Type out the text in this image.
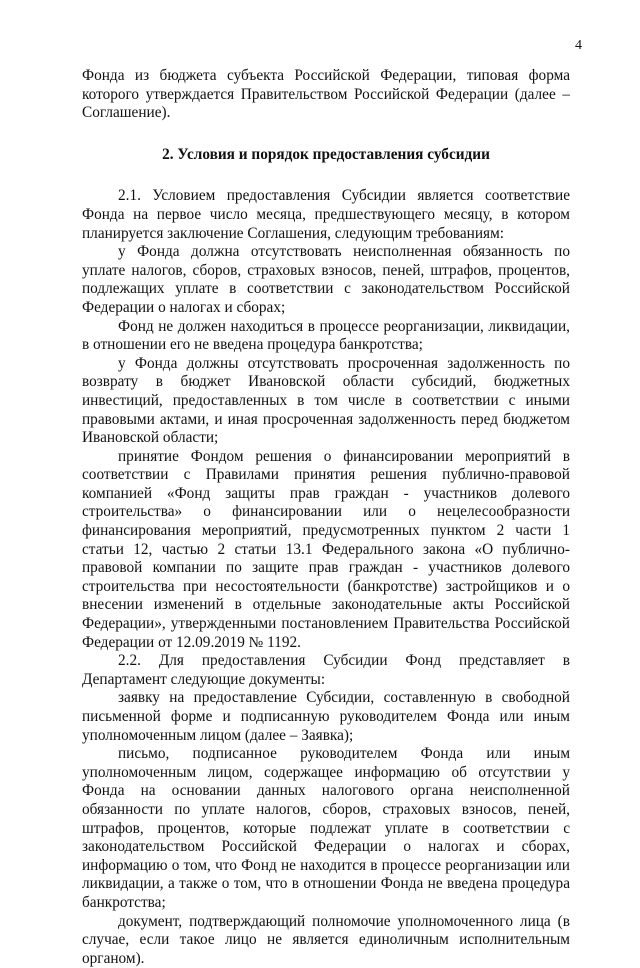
4

Фонда из бюджета субъекта Российской Федерации, типовая форма которого утверждается Правительством Российской Федерации (далее – Соглашение).

2. Условия и порядок предоставления субсидии

2.1. Условием предоставления Субсидии является соответствие Фонда на первое число месяца, предшествующего месяцу, в котором планируется заключение Соглашения, следующим требованиям:

у Фонда должна отсутствовать неисполненная обязанность по уплате налогов, сборов, страховых взносов, пеней, штрафов, процентов, подлежащих уплате в соответствии с законодательством Российской Федерации о налогах и сборах;

Фонд не должен находиться в процессе реорганизации, ликвидации, в отношении его не введена процедура банкротства;

у Фонда должны отсутствовать просроченная задолженность по возврату в бюджет Ивановской области субсидий, бюджетных инвестиций, предоставленных в том числе в соответствии с иными правовыми актами, и иная просроченная задолженность перед бюджетом Ивановской области;

принятие Фондом решения о финансировании мероприятий в соответствии с Правилами принятия решения публично-правовой компанией «Фонд защиты прав граждан - участников долевого строительства» о финансировании или о нецелесообразности финансирования мероприятий, предусмотренных пунктом 2 части 1 статьи 12, частью 2 статьи 13.1 Федерального закона «О публично-правовой компании по защите прав граждан - участников долевого строительства при несостоятельности (банкротстве) застройщиков и о внесении изменений в отдельные законодательные акты Российской Федерации», утвержденными постановлением Правительства Российской Федерации от 12.09.2019 № 1192.

2.2. Для предоставления Субсидии Фонд представляет в Департамент следующие документы:

заявку на предоставление Субсидии, составленную в свободной письменной форме и подписанную руководителем Фонда или иным уполномоченным лицом (далее – Заявка);

письмо, подписанное руководителем Фонда или иным уполномоченным лицом, содержащее информацию об отсутствии у Фонда на основании данных налогового органа неисполненной обязанности по уплате налогов, сборов, страховых взносов, пеней, штрафов, процентов, которые подлежат уплате в соответствии с законодательством Российской Федерации о налогах и сборах, информацию о том, что Фонд не находится в процессе реорганизации или ликвидации, а также о том, что в отношении Фонда не введена процедура банкротства;

документ, подтверждающий полномочие уполномоченного лица (в случае, если такое лицо не является единоличным исполнительным органом).
